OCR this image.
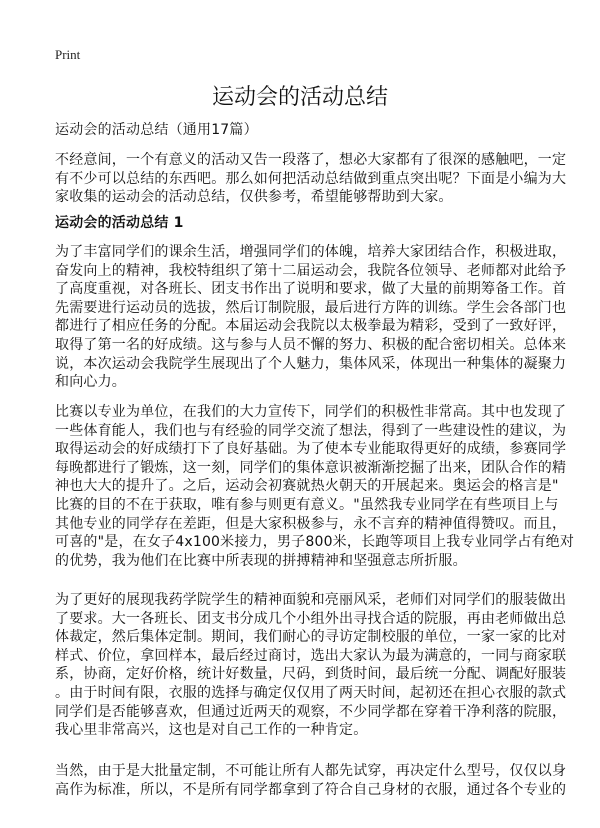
Print
运动会的活动总结
运动会的活动总结（通用17篇）
不经意间，一个有意义的活动又告一段落了，想必大家都有了很深的感触吧，一定
有不少可以总结的东西吧。那么如何把活动总结做到重点突出呢？下面是小编为大
家收集的运动会的活动总结，仅供参考，希望能够帮助到大家。
运动会的活动总结 1
为了丰富同学们的课余生活，增强同学们的体魄，培养大家团结合作，积极进取，
奋发向上的精神，我校特组织了第十二届运动会，我院各位领导、老师都对此给予
了高度重视，对各班长、团支书作出了说明和要求，做了大量的前期筹备工作。首
先需要进行运动员的选拔，然后订制院服，最后进行方阵的训练。学生会各部门也
都进行了相应任务的分配。本届运动会我院以太极拳最为精彩，受到了一致好评，
取得了第一名的好成绩。这与参与人员不懈的努力、积极的配合密切相关。总体来
说，本次运动会我院学生展现出了个人魅力，集体风采，体现出一种集体的凝聚力
和向心力。
比赛以专业为单位，在我们的大力宣传下，同学们的积极性非常高。其中也发现了
一些体育能人，我们也与有经验的同学交流了想法，得到了一些建设性的建议，为
取得运动会的好成绩打下了良好基础。为了使本专业能取得更好的成绩，参赛同学
每晚都进行了锻炼，这一刻，同学们的集体意识被渐渐挖掘了出来，团队合作的精
神也大大的提升了。之后，运动会初赛就热火朝天的开展起来。奥运会的格言是"
比赛的目的不在于获取，唯有参与则更有意义。"虽然我专业同学在有些项目上与
其他专业的同学存在差距，但是大家积极参与，永不言弃的精神值得赞叹。而且，
可喜的"是，在女子4x100米接力，男子800米，长跑等项目上我专业同学占有绝对
的优势，我为他们在比赛中所表现的拼搏精神和坚强意志所折服。
为了更好的展现我药学院学生的精神面貌和亮丽风采，老师们对同学们的服装做出
了要求。大一各班长、团支书分成几个小组外出寻找合适的院服，再由老师做出总
体裁定，然后集体定制。期间，我们耐心的寻访定制校服的单位，一家一家的比对
样式、价位，拿回样本，最后经过商讨，选出大家认为最为满意的，一同与商家联
系，协商，定好价格，统计好数量，尺码，到货时间，最后统一分配、调配好服装
。由于时间有限，衣服的选择与确定仅仅用了两天时间，起初还在担心衣服的款式
同学们是否能够喜欢，但通过近两天的观察，不少同学都在穿着干净利落的院服，
我心里非常高兴，这也是对自己工作的一种肯定。
当然，由于是大批量定制，不可能让所有人都先试穿，再决定什么型号，仅仅以身
高作为标准，所以，不是所有同学都拿到了符合自己身材的衣服，通过各个专业的
